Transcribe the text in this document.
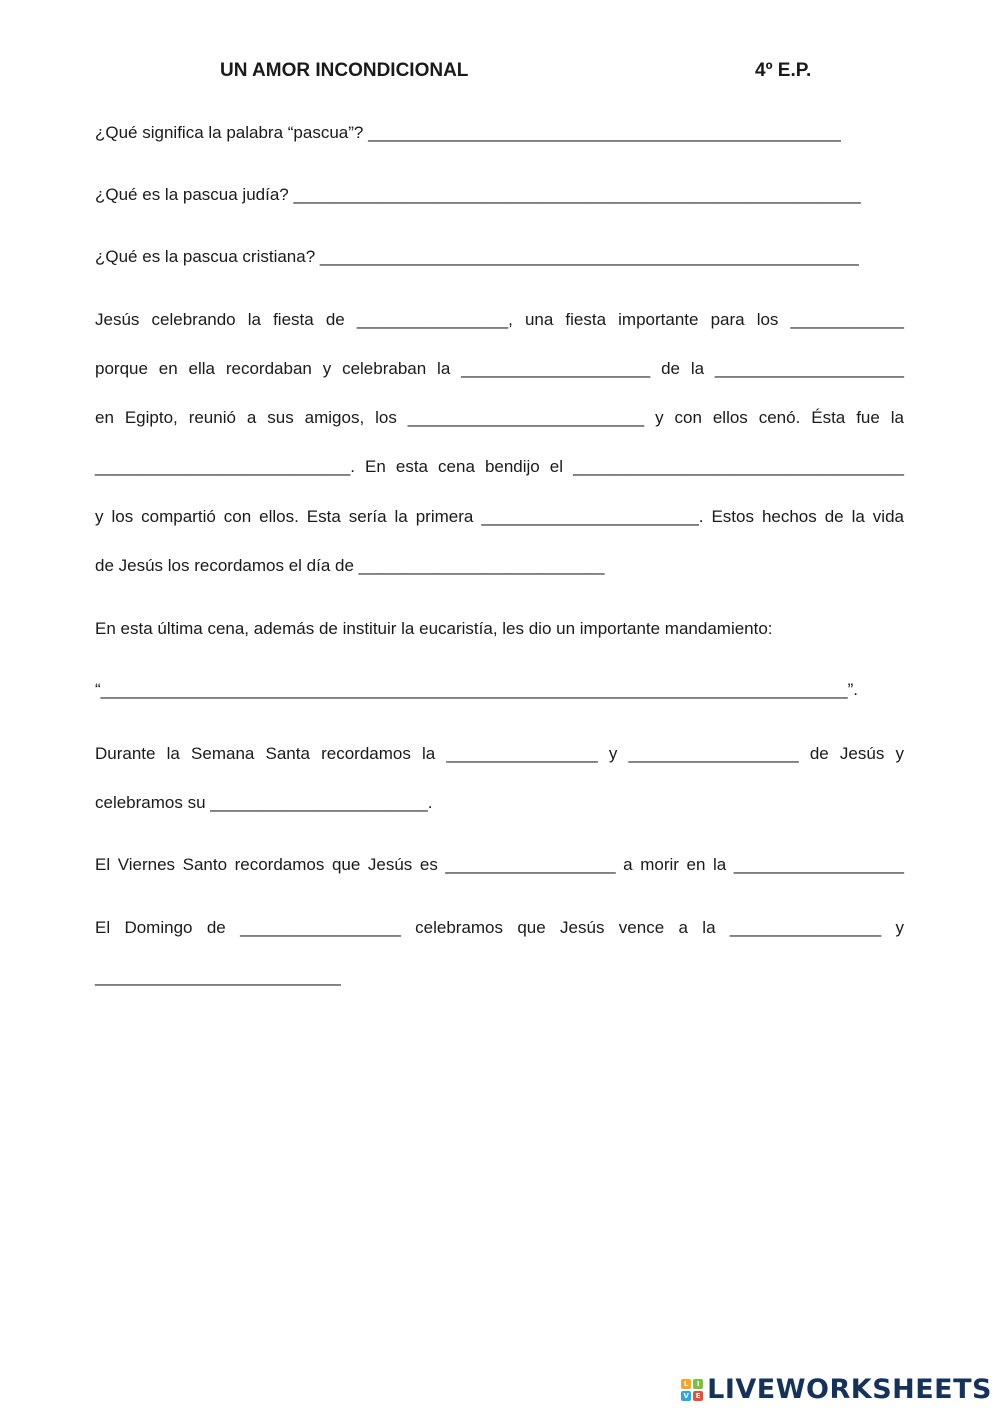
UN AMOR INCONDICIONAL	4º E.P.
¿Qué significa la palabra “pascua”? __________________________________________________
¿Qué es la pascua judía? ____________________________________________________________
¿Qué es la pascua cristiana? _________________________________________________________
Jesús celebrando la fiesta de ________________, una fiesta importante para los ____________
porque en ella recordaban y celebraban la ____________________ de la ____________________
en Egipto, reunió a sus amigos, los _________________________ y con ellos cenó. Ésta fue la
___________________________. En esta cena bendijo el ___________________________________
y los compartió con ellos. Esta sería la primera _______________________. Estos hechos de la vida
de Jesús los recordamos el día de __________________________
En esta última cena, además de instituir la eucaristía, les dio un importante mandamiento:
“_______________________________________________________________________________”.
Durante la Semana Santa recordamos la ________________ y __________________ de Jesús y
celebramos su _______________________.
El Viernes Santo recordamos que Jesús es __________________ a morir en la __________________
El Domingo de _________________ celebramos que Jesús vence a la ________________ y
__________________________
L	I
V E LIVEWORKSHEETS
